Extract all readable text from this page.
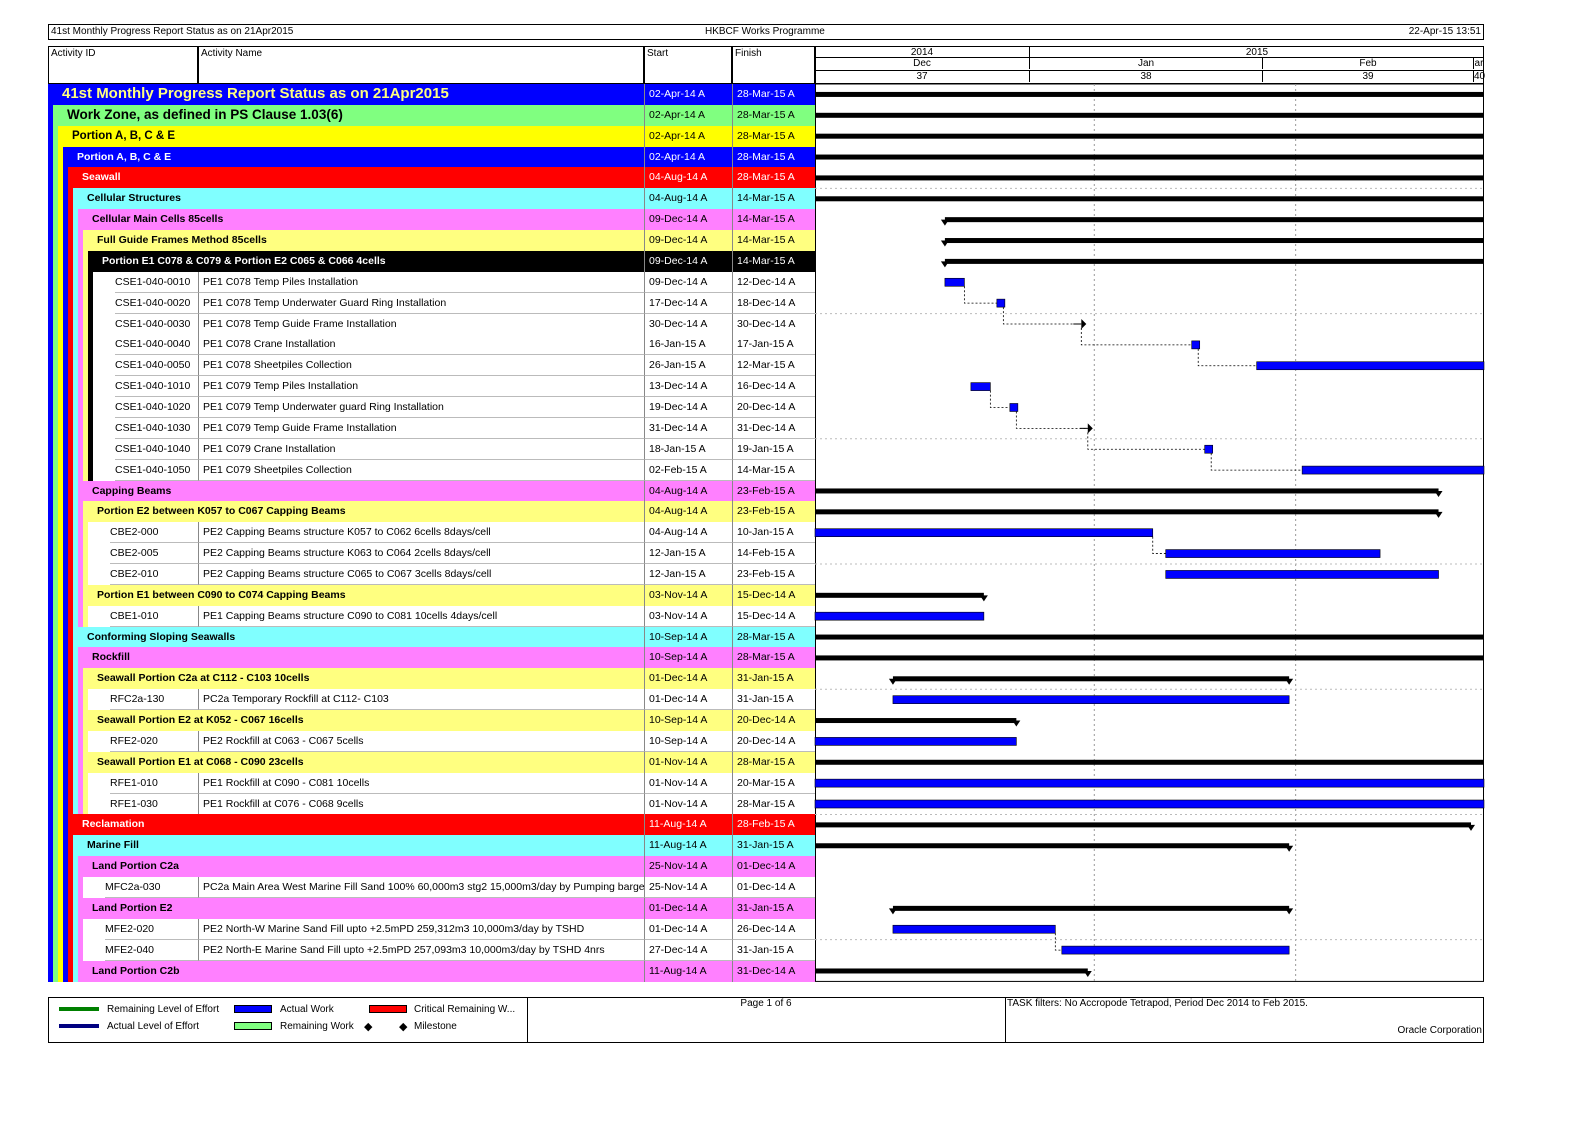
41st Monthly Progress Report Status as on 21Apr2015	HKBCF Works Programme	22-Apr-15 13:51
Activity ID	Activity Name	Start	Finish	2014	2015
Dec	Jan	Feb	ar
37	38	39	40
41st Monthly Progress Report Status as on 21Apr2015	02-Apr-14 A	28-Mar-15 A
Work Zone, as defined in PS Clause 1.03(6)	02-Apr-14 A	28-Mar-15 A
Portion A, B, C & E	02-Apr-14 A	28-Mar-15 A
Portion A, B, C & E	02-Apr-14 A	28-Mar-15 A
Seawall	04-Aug-14 A	28-Mar-15 A
Cellular Structures	04-Aug-14 A	14-Mar-15 A
Cellular Main Cells 85cells	09-Dec-14 A	14-Mar-15 A
Full Guide Frames Method 85cells	09-Dec-14 A	14-Mar-15 A
Portion E1 C078 & C079 & Portion E2 C065 & C066 4cells	09-Dec-14 A	14-Mar-15 A
CSE1-040-0010	PE1 C078 Temp Piles Installation	09-Dec-14 A	12-Dec-14 A
CSE1-040-0020	PE1 C078 Temp Underwater Guard Ring Installation	17-Dec-14 A	18-Dec-14 A
CSE1-040-0030	PE1 C078 Temp Guide Frame Installation	30-Dec-14 A	30-Dec-14 A
CSE1-040-0040	PE1 C078 Crane Installation	16-Jan-15 A	17-Jan-15 A
CSE1-040-0050	PE1 C078 Sheetpiles Collection	26-Jan-15 A	12-Mar-15 A
CSE1-040-1010	PE1 C079 Temp Piles Installation	13-Dec-14 A	16-Dec-14 A
CSE1-040-1020	PE1 C079 Temp Underwater guard Ring Installation	19-Dec-14 A	20-Dec-14 A
CSE1-040-1030	PE1 C079 Temp Guide Frame Installation	31-Dec-14 A	31-Dec-14 A
CSE1-040-1040	PE1 C079 Crane Installation	18-Jan-15 A	19-Jan-15 A
CSE1-040-1050	PE1 C079 Sheetpiles Collection	02-Feb-15 A	14-Mar-15 A
Capping Beams	04-Aug-14 A	23-Feb-15 A
Portion E2 between K057 to C067 Capping Beams	04-Aug-14 A	23-Feb-15 A
CBE2-000	PE2 Capping Beams structure K057 to C062 6cells 8days/cell	04-Aug-14 A	10-Jan-15 A
CBE2-005	PE2 Capping Beams structure K063 to C064 2cells 8days/cell	12-Jan-15 A	14-Feb-15 A
CBE2-010	PE2 Capping Beams structure C065 to C067 3cells 8days/cell	12-Jan-15 A	23-Feb-15 A
Portion E1 between C090 to C074 Capping Beams	03-Nov-14 A	15-Dec-14 A
CBE1-010	PE1 Capping Beams structure C090 to C081 10cells 4days/cell	03-Nov-14 A	15-Dec-14 A
Conforming Sloping Seawalls	10-Sep-14 A	28-Mar-15 A
Rockfill	10-Sep-14 A	28-Mar-15 A
Seawall Portion C2a at C112 - C103 10cells	01-Dec-14 A	31-Jan-15 A
RFC2a-130	PC2a Temporary Rockfill at C112- C103	01-Dec-14 A	31-Jan-15 A
Seawall Portion E2 at K052 - C067 16cells	10-Sep-14 A	20-Dec-14 A
RFE2-020	PE2 Rockfill at C063 - C067 5cells	10-Sep-14 A	20-Dec-14 A
Seawall Portion E1 at C068 - C090 23cells	01-Nov-14 A	28-Mar-15 A
RFE1-010	PE1 Rockfill at C090 - C081 10cells	01-Nov-14 A	20-Mar-15 A
RFE1-030	PE1 Rockfill at C076 - C068 9cells	01-Nov-14 A	28-Mar-15 A
Reclamation	11-Aug-14 A	28-Feb-15 A
Marine Fill	11-Aug-14 A	31-Jan-15 A
Land Portion C2a	25-Nov-14 A	01-Dec-14 A
MFC2a-030	PC2a Main Area West Marine Fill Sand 100% 60,000m3 stg2 15,000m3/day by Pumping barge 25-Nov-14 A	01-Dec-14 A
Land Portion E2	01-Dec-14 A	31-Jan-15 A
MFE2-020	PE2 North-W Marine Sand Fill upto +2.5mPD 259,312m3 10,000m3/day by TSHD	01-Dec-14 A	26-Dec-14 A
MFE2-040	PE2 North-E Marine Sand Fill upto +2.5mPD 257,093m3 10,000m3/day by TSHD 4nrs	27-Dec-14 A	31-Jan-15 A
Land Portion C2b	11-Aug-14 A	31-Dec-14 A
Remaining Level of Effort
Actual Level of Effort
Actual Work
Remaining Work ◆
Critical Remaining W...
◆ Milestone
Page 1 of 6	TASK filters: No Accropode Tetrapod, Period Dec 2014 to Feb 2015.
Oracle Corporation
